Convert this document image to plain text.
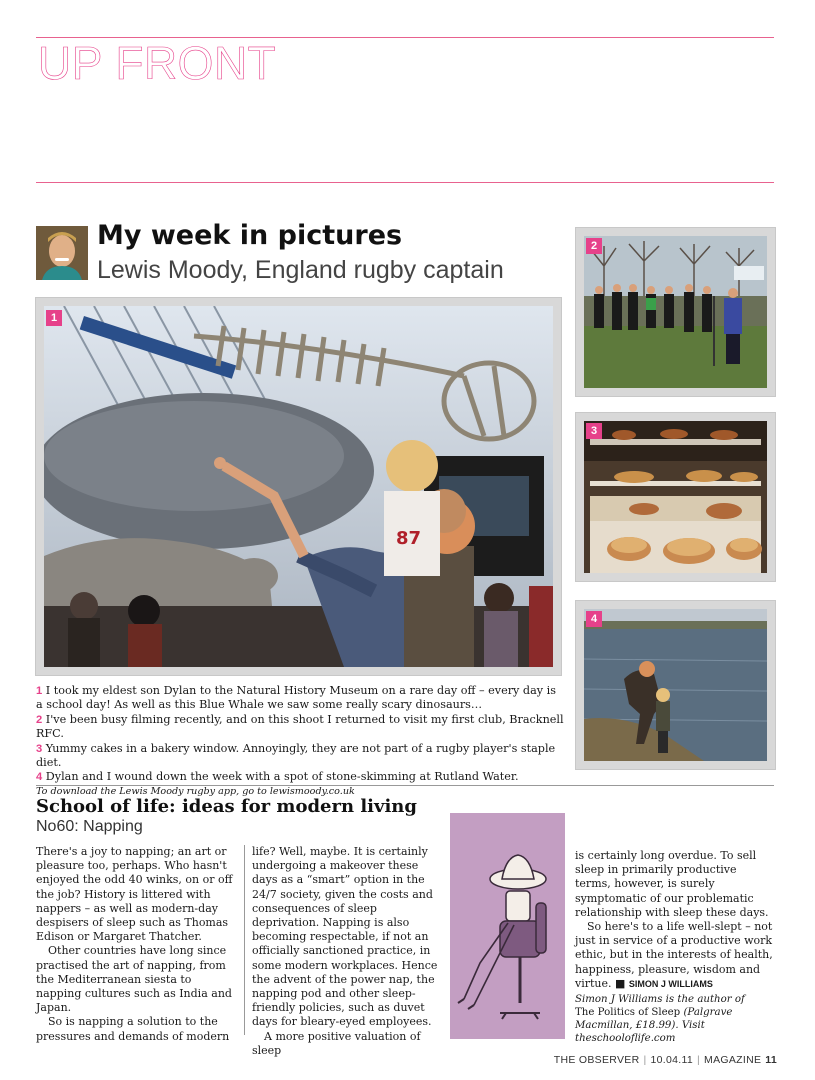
UP FRONT
My week in pictures
Lewis Moody, England rugby captain
1
87
2
3
4
1 I took my eldest son Dylan to the Natural History Museum on a rare day off – every day is a school day! As well as this Blue Whale we saw some really scary dinosaurs…
2 I've been busy filming recently, and on this shoot I returned to visit my first club, Bracknell RFC.
3 Yummy cakes in a bakery window. Annoyingly, they are not part of a rugby player's staple diet.
4 Dylan and I wound down the week with a spot of stone-skimming at Rutland Water.
To download the Lewis Moody rugby app, go to lewismoody.co.uk
School of life: ideas for modern living
No60: Napping

There's a joy to napping; an art or pleasure too, perhaps. Who hasn't enjoyed the odd 40 winks, on or off the job? History is littered with nappers – as well as modern-day despisers of sleep such as Thomas Edison or Margaret Thatcher.

Other countries have long since practised the art of napping, from the Mediterranean siesta to napping cultures such as India and Japan.

So is napping a solution to the pressures and demands of modern

life? Well, maybe. It is certainly undergoing a makeover these days as a “smart” option in the 24/7 society, given the costs and consequences of sleep deprivation. Napping is also becoming respectable, if not an officially sanctioned practice, in some modern workplaces. Hence the advent of the power nap, the napping pod and other sleep-friendly policies, such as duvet days for bleary-eyed employees.

A more positive valuation of sleep

is certainly long overdue. To sell sleep in primarily productive terms, however, is surely symptomatic of our problematic relationship with sleep these days.

So here's to a life well-slept – not just in service of a productive work ethic, but in the interests of health, happiness, pleasure, wisdom and virtue. ■ SIMON J WILLIAMS

Simon J Williams is the author of
The Politics of Sleep (Palgrave Macmillan, £18.99). Visit theschooloflife.com

THE OBSERVER | 10.04.11 | MAGAZINE 11
